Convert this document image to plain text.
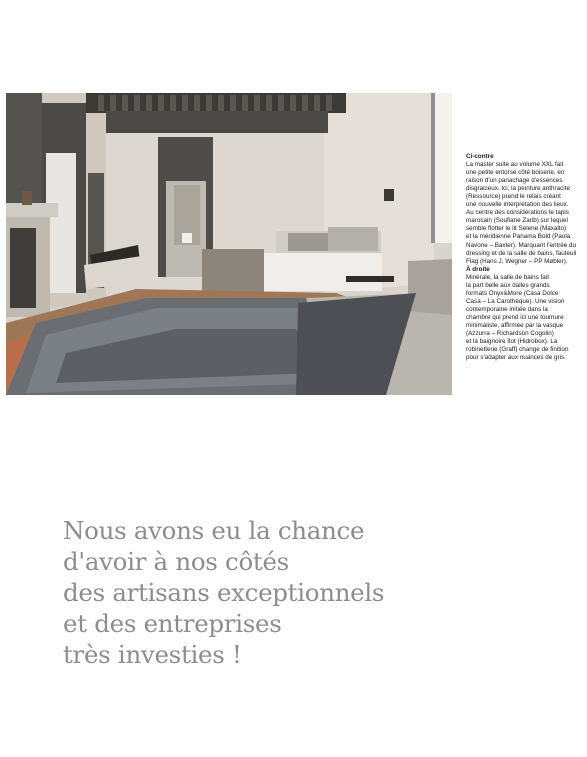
Ci-contre
La master suite au volume XXL fait
une petite entorse côté boiserie, en
raison d'un panachage d'essences
disgracieux. Ici, la peinture anthracite
(Ressource) prend le relais créant
une nouvelle interprétation des lieux.
Au centre des considérations le tapis
marocain (Soufiane Zarib) sur lequel
semble flotter le lit Selene (Maxalto)
et la méridienne Panama Bold (Paola
Navone – Baxter). Marquant l'entrée du
dressing et de la salle de bains, fauteuil
Flag (Hans J. Wegner – PP Møbler).
À droite
Minérale, la salle de bains fait
la part belle aux dalles grands
formats Onyx&More (Casa Dolce
Casa – La Carothèque). Une vision
contemporaine initiée dans la
chambre qui prend ici une tournure
minimaliste, affirmée par la vasque
(Azzurra – Richardson Cogolin)
et la baignoire îlot (Hidrobox). La
robinetterie (Graff) change de finition
pour s'adapter aux nuances de gris.
Nous avons eu la chance
d'avoir à nos côtés
des artisans exceptionnels
et des entreprises
très investies !
